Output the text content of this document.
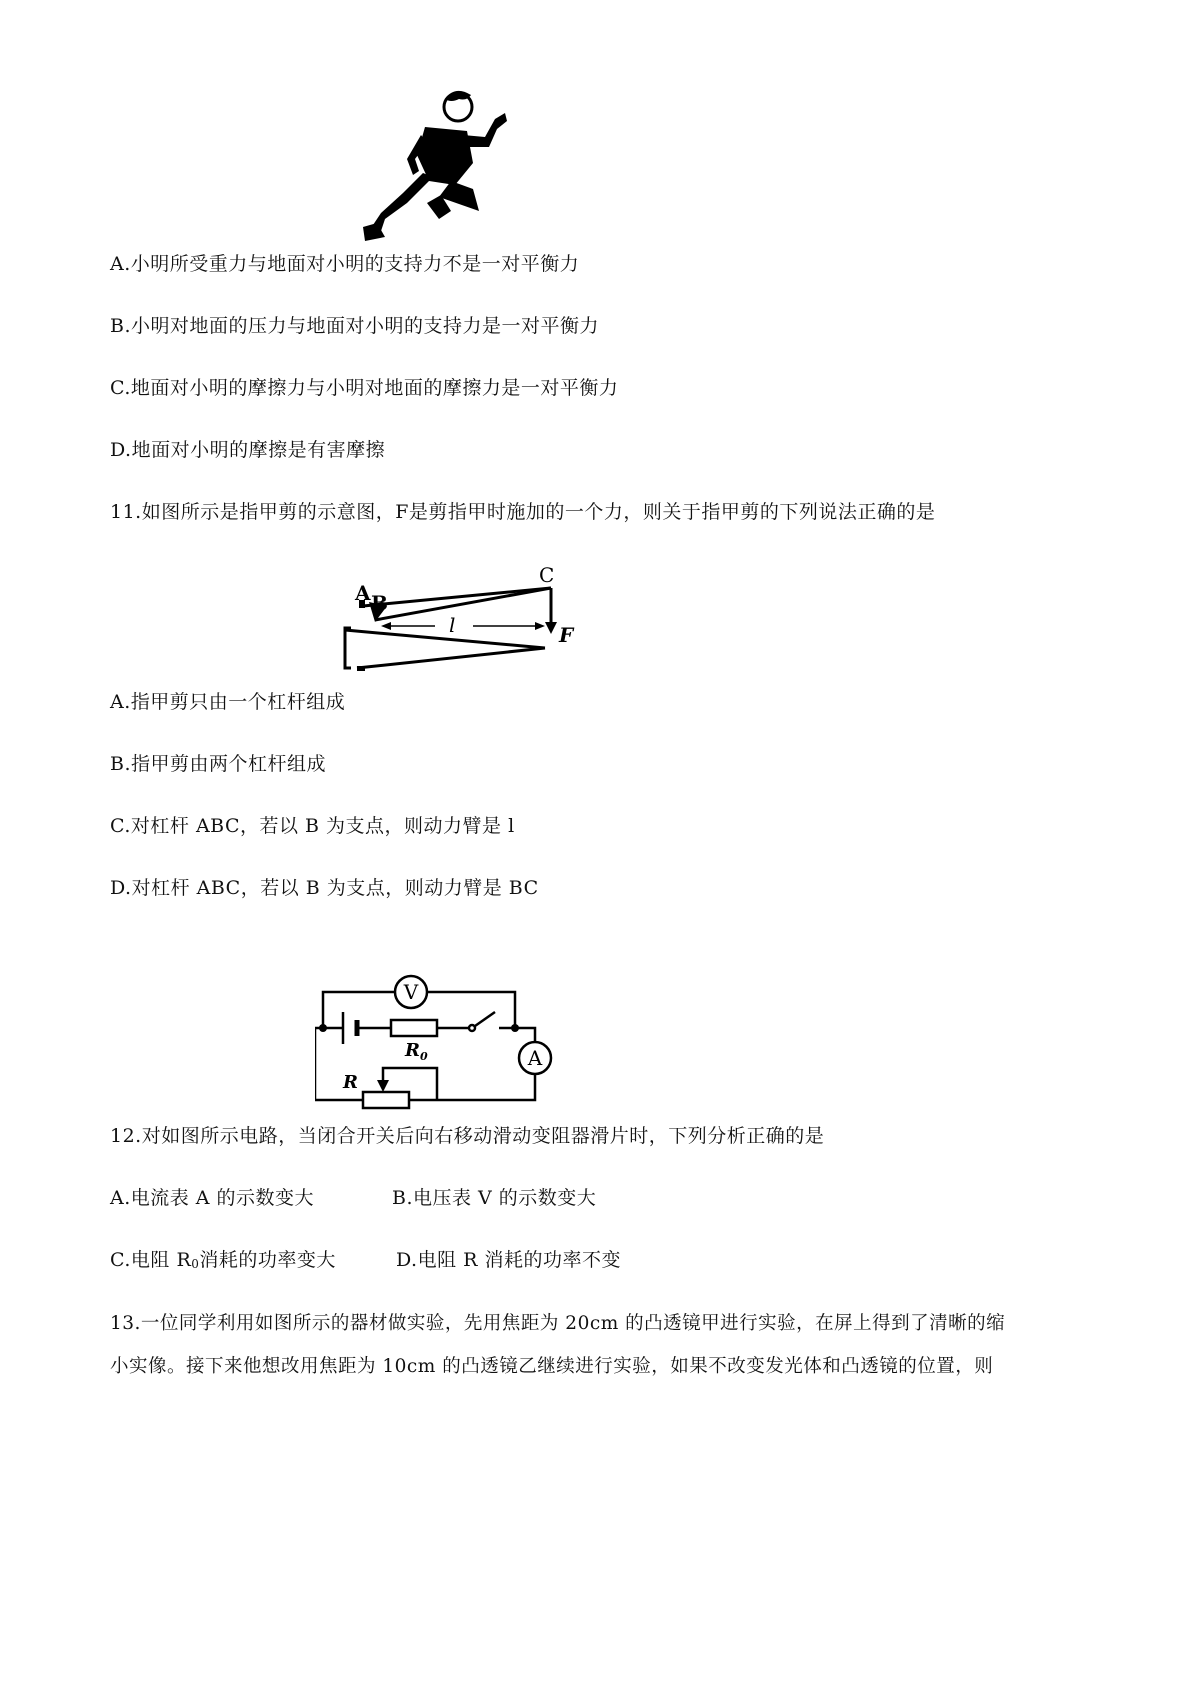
A.小明所受重力与地面对小明的支持力不是一对平衡力
B.小明对地面的压力与地面对小明的支持力是一对平衡力
C.地面对小明的摩擦力与小明对地面的摩擦力是一对平衡力
D.地面对小明的摩擦是有害摩擦
11.如图所示是指甲剪的示意图，F是剪指甲时施加的一个力，则关于指甲剪的下列说法正确的是
A B
C
l	F
A.指甲剪只由一个杠杆组成
B.指甲剪由两个杠杆组成
C.对杠杆 ABC，若以 B 为支点，则动力臂是 l
D.对杠杆 ABC，若以 B 为支点，则动力臂是 BC
V
A
$R_0$
R
12.对如图所示电路，当闭合开关后向右移动滑动变阻器滑片时，下列分析正确的是
A.电流表 A 的示数变大	B.电压表 V 的示数变大
C.电阻 $R_0$消耗的功率变大	D.电阻 R 消耗的功率不变
13.一位同学利用如图所示的器材做实验，先用焦距为 20cm 的凸透镜甲进行实验，在屏上得到了清晰的缩
小实像。接下来他想改用焦距为 10cm 的凸透镜乙继续进行实验，如果不改变发光体和凸透镜的位置，则
